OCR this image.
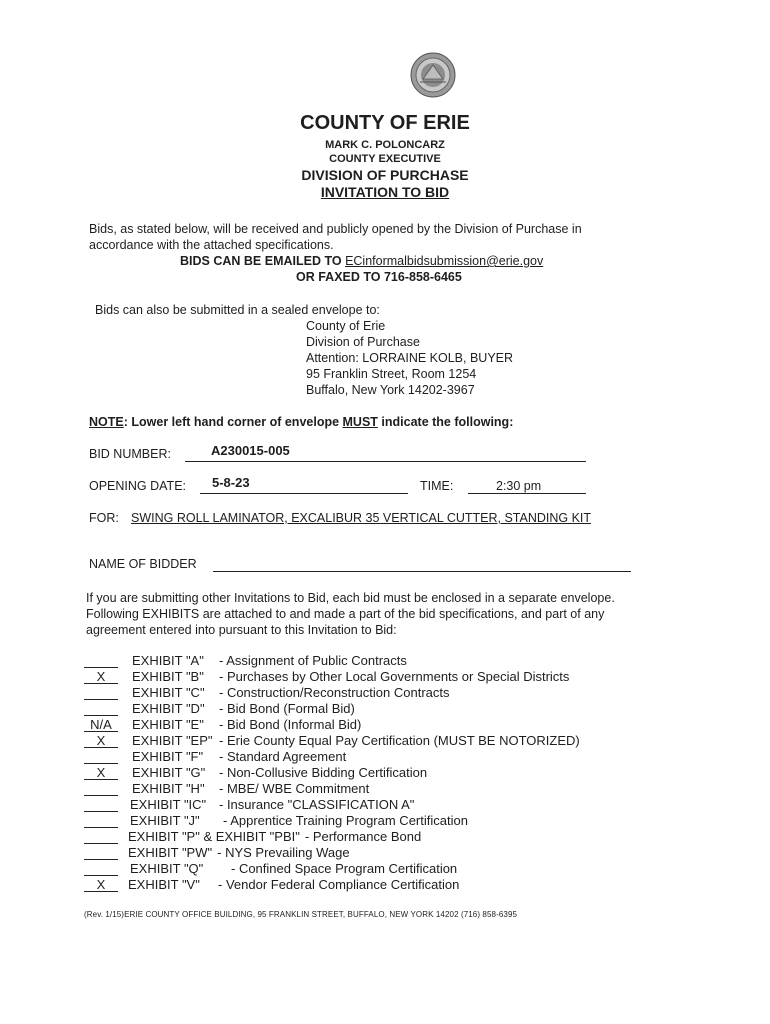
COUNTY OF ERIE
MARK C. POLONCARZ
COUNTY EXECUTIVE
DIVISION OF PURCHASE
INVITATION TO BID
Bids, as stated below, will be received and publicly opened by the Division of Purchase in
accordance with the attached specifications.
BIDS CAN BE EMAILED TO ECinformalbidsubmission@erie.gov
OR FAXED TO 716-858-6465
Bids can also be submitted in a sealed envelope to:
County of Erie
Division of Purchase
Attention: LORRAINE KOLB, BUYER
95 Franklin Street, Room 1254
Buffalo, New York 14202-3967
NOTE: Lower left hand corner of envelope MUST indicate the following:
BID NUMBER:	A230015-005
OPENING DATE: 5-8-23	TIME:	2:30 pm
FOR: SWING ROLL LAMINATOR, EXCALIBUR 35 VERTICAL CUTTER, STANDING KIT
NAME OF BIDDER
If you are submitting other Invitations to Bid, each bid must be enclosed in a separate envelope.
Following EXHIBITS are attached to and made a part of the bid specifications, and part of any
agreement entered into pursuant to this Invitation to Bid:
EXHIBIT "A" - Assignment of Public Contracts
X	EXHIBIT "B" - Purchases by Other Local Governments or Special Districts
EXHIBIT "C" - Construction/Reconstruction Contracts
EXHIBIT "D" - Bid Bond (Formal Bid)
N/A	EXHIBIT "E" - Bid Bond (Informal Bid)
X	EXHIBIT "EP" - Erie County Equal Pay Certification (MUST BE NOTORIZED)
EXHIBIT "F" - Standard Agreement
X	EXHIBIT "G" - Non-Collusive Bidding Certification
EXHIBIT "H" - MBE/ WBE Commitment
EXHIBIT "IC" - Insurance "CLASSIFICATION A"
EXHIBIT "J" - Apprentice Training Program Certification
EXHIBIT "P" & EXHIBIT "PBI" - Performance Bond
EXHIBIT "PW" - NYS Prevailing Wage
EXHIBIT "Q" - Confined Space Program Certification
X	EXHIBIT "V" - Vendor Federal Compliance Certification
(Rev. 1/15)ERIE COUNTY OFFICE BUILDING, 95 FRANKLIN STREET, BUFFALO, NEW YORK 14202 (716) 858-6395
